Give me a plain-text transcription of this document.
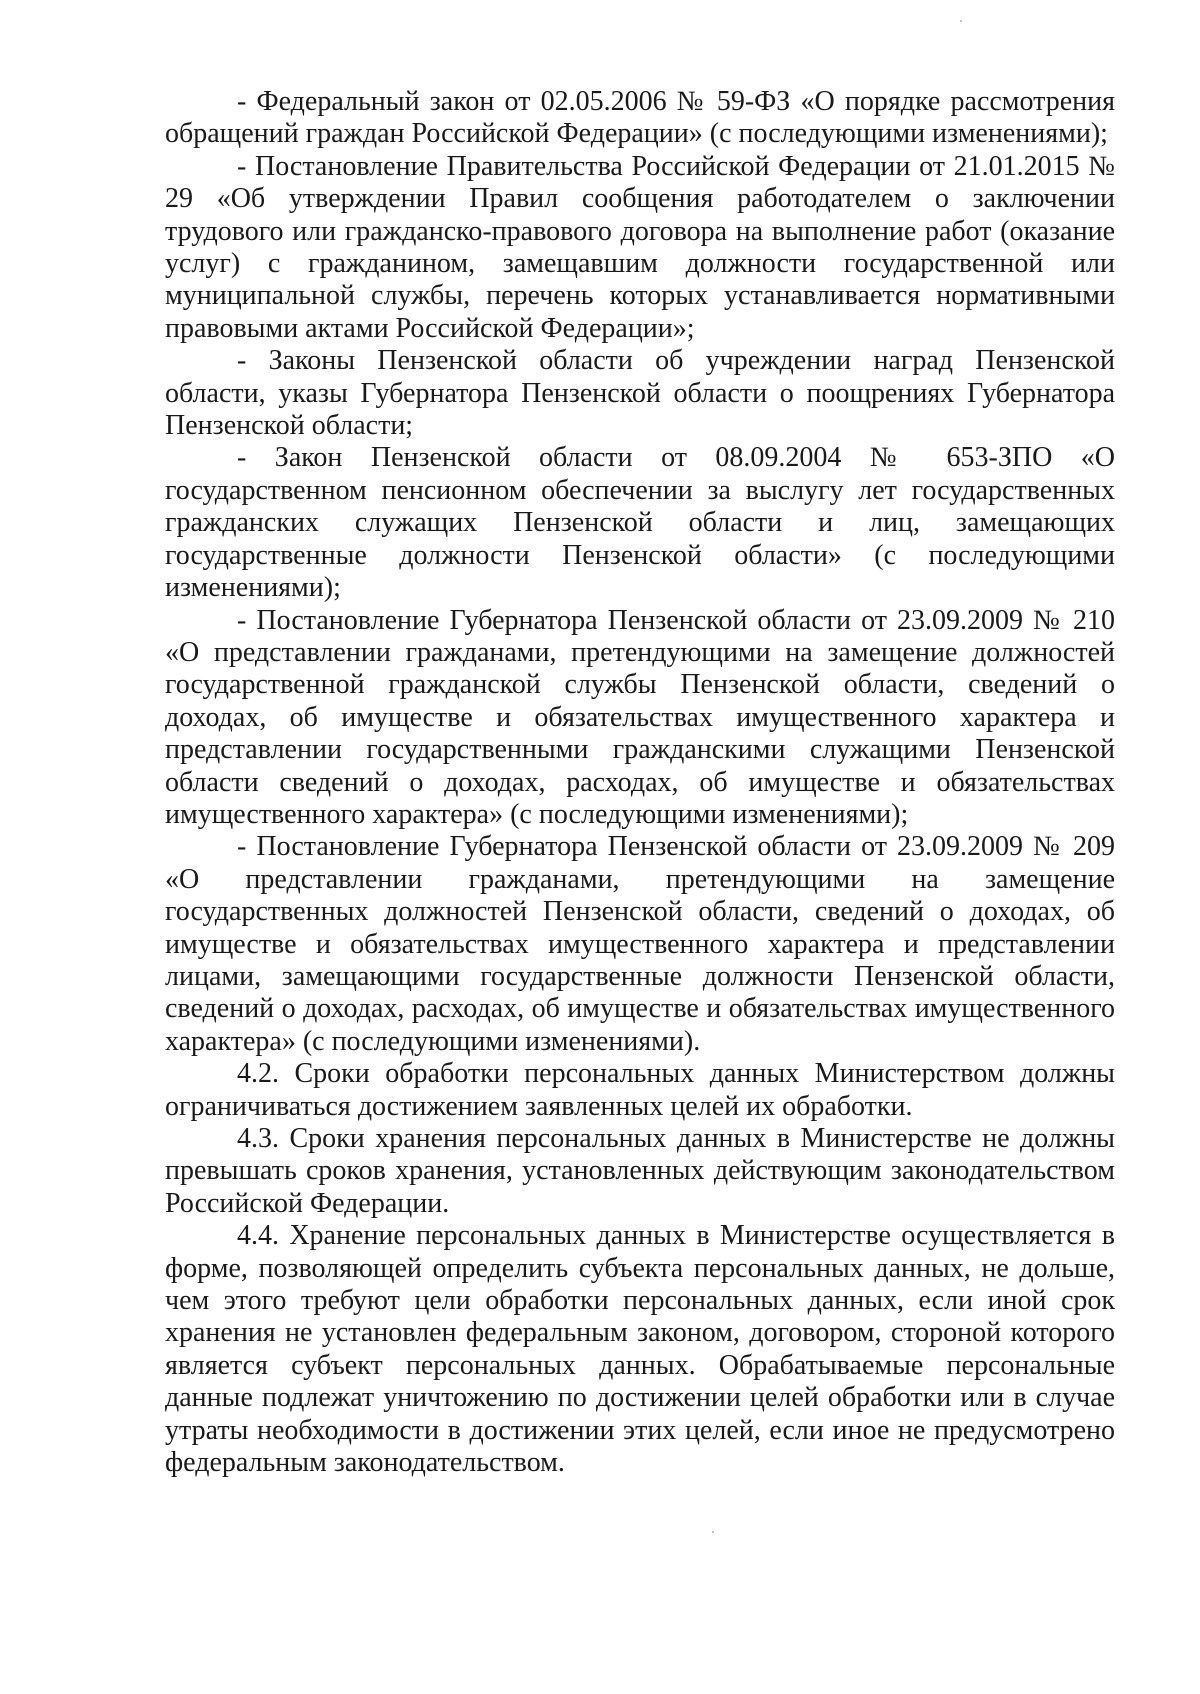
- Федеральный закон от 02.05.2006 № 59-ФЗ «О порядке рассмотрения обращений граждан Российской Федерации» (с последующими изменениями);

- Постановление Правительства Российской Федерации от 21.01.2015 № 29 «Об утверждении Правил сообщения работодателем о заключении трудового или гражданско-правового договора на выполнение работ (оказание услуг) с гражданином, замещавшим должности государственной или муниципальной службы, перечень которых устанавливается нормативными правовыми актами Российской Федерации»;

- Законы Пензенской области об учреждении наград Пензенской области, указы Губернатора Пензенской области о поощрениях Губернатора Пензенской области;

- Закон Пензенской области от 08.09.2004 № 653-ЗПО «О государственном пенсионном обеспечении за выслугу лет государственных гражданских служащих Пензенской области и лиц, замещающих государственные должности Пензенской области» (с последующими изменениями);

- Постановление Губернатора Пензенской области от 23.09.2009 № 210 «О представлении гражданами, претендующими на замещение должностей государственной гражданской службы Пензенской области, сведений о доходах, об имуществе и обязательствах имущественного характера и представлении государственными гражданскими служащими Пензенской области сведений о доходах, расходах, об имуществе и обязательствах имущественного характера» (с последующими изменениями);

- Постановление Губернатора Пензенской области от 23.09.2009 № 209 «О представлении гражданами, претендующими на замещение государственных должностей Пензенской области, сведений о доходах, об имуществе и обязательствах имущественного характера и представлении лицами, замещающими государственные должности Пензенской области, сведений о доходах, расходах, об имуществе и обязательствах имущественного характера» (с последующими изменениями).

4.2. Сроки обработки персональных данных Министерством должны ограничиваться достижением заявленных целей их обработки.

4.3. Сроки хранения персональных данных в Министерстве не должны превышать сроков хранения, установленных действующим законодательством Российской Федерации.

4.4. Хранение персональных данных в Министерстве осуществляется в форме, позволяющей определить субъекта персональных данных, не дольше, чем этого требуют цели обработки персональных данных, если иной срок хранения не установлен федеральным законом, договором, стороной которого является субъект персональных данных. Обрабатываемые персональные данные подлежат уничтожению по достижении целей обработки или в случае утраты необходимости в достижении этих целей, если иное не предусмотрено федеральным законодательством.
